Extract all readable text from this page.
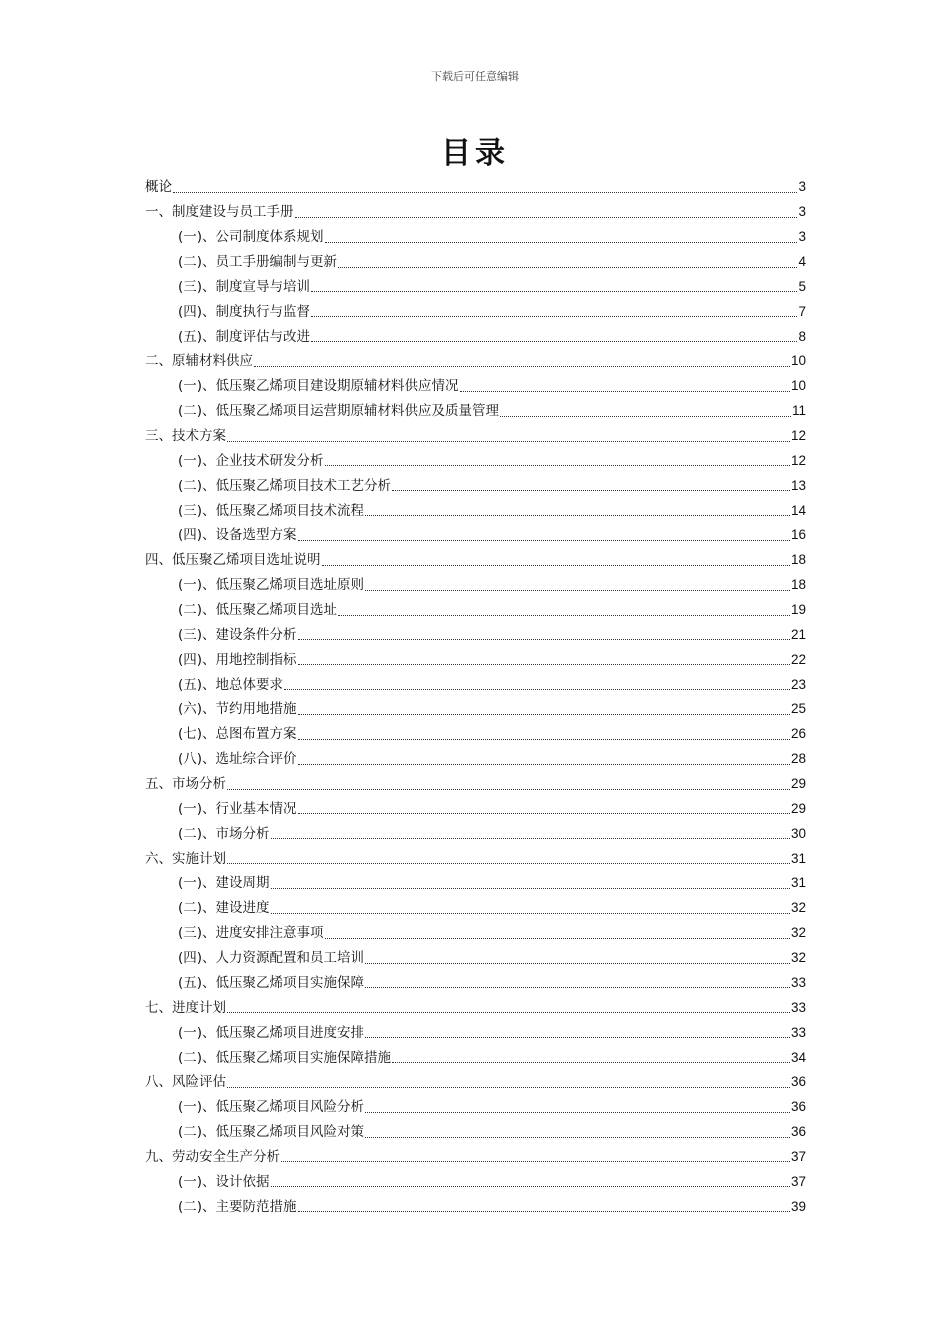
下载后可任意编辑
目录
概论	3
一、制度建设与员工手册	3
(一)、公司制度体系规划	3
(二)、员工手册编制与更新	4
(三)、制度宣导与培训	5
(四)、制度执行与监督	7
(五)、制度评估与改进	8
二、原辅材料供应	10
(一)、低压聚乙烯项目建设期原辅材料供应情况	10
(二)、低压聚乙烯项目运营期原辅材料供应及质量管理	11
三、技术方案	12
(一)、企业技术研发分析	12
(二)、低压聚乙烯项目技术工艺分析	13
(三)、低压聚乙烯项目技术流程	14
(四)、设备选型方案	16
四、低压聚乙烯项目选址说明	18
(一)、低压聚乙烯项目选址原则	18
(二)、低压聚乙烯项目选址	19
(三)、建设条件分析	21
(四)、用地控制指标	22
(五)、地总体要求	23
(六)、节约用地措施	25
(七)、总图布置方案	26
(八)、选址综合评价	28
五、市场分析	29
(一)、行业基本情况	29
(二)、市场分析	30
六、实施计划	31
(一)、建设周期	31
(二)、建设进度	32
(三)、进度安排注意事项	32
(四)、人力资源配置和员工培训	32
(五)、低压聚乙烯项目实施保障	33
七、进度计划	33
(一)、低压聚乙烯项目进度安排	33
(二)、低压聚乙烯项目实施保障措施	34
八、风险评估	36
(一)、低压聚乙烯项目风险分析	36
(二)、低压聚乙烯项目风险对策	36
九、劳动安全生产分析	37
(一)、设计依据	37
(二)、主要防范措施	39
